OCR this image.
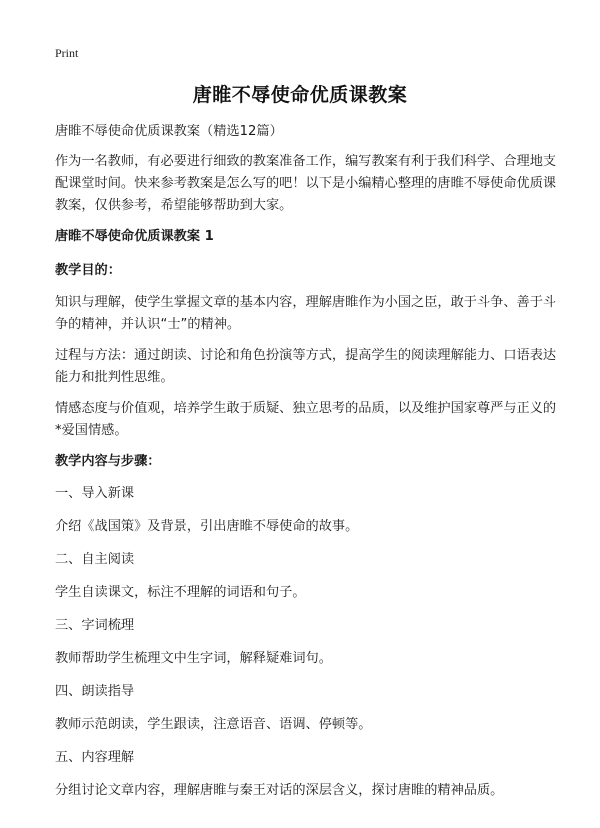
Print
唐睢不辱使命优质课教案

唐睢不辱使命优质课教案（精选12篇）

作为一名教师，有必要进行细致的教案准备工作，编写教案有利于我们科学、合理地支配课堂时间。快来参考教案是怎么写的吧！以下是小编精心整理的唐睢不辱使命优质课教案，仅供参考，希望能够帮助到大家。

唐睢不辱使命优质课教案 1

教学目的：

知识与理解，使学生掌握文章的基本内容，理解唐睢作为小国之臣，敢于斗争、善于斗争的精神，并认识“士”的精神。

过程与方法：通过朗读、讨论和角色扮演等方式，提高学生的阅读理解能力、口语表达能力和批判性思维。

情感态度与价值观，培养学生敢于质疑、独立思考的品质，以及维护国家尊严与正义的*爱国情感。

教学内容与步骤：

一、导入新课

介绍《战国策》及背景，引出唐睢不辱使命的故事。

二、自主阅读

学生自读课文，标注不理解的词语和句子。

三、字词梳理

教师帮助学生梳理文中生字词，解释疑难词句。

四、朗读指导

教师示范朗读，学生跟读，注意语音、语调、停顿等。

五、内容理解

分组讨论文章内容，理解唐睢与秦王对话的深层含义，探讨唐睢的精神品质。
